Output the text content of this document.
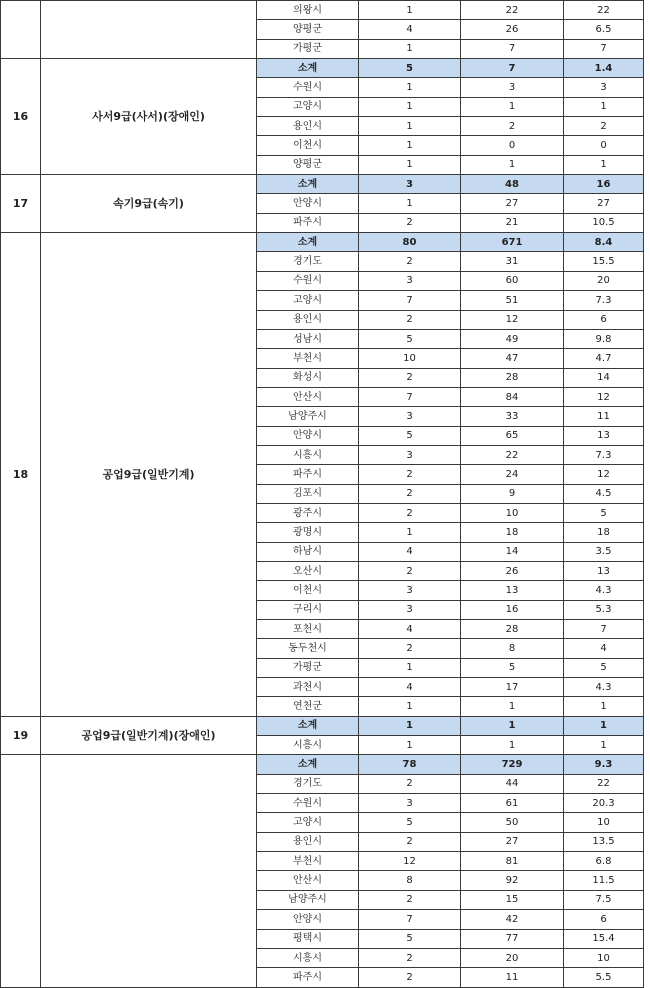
		의왕시	1	22	22
		양평군	4	26	6.5
		가평군	1	7	7
16	사서9급(사서)(장애인)	소계	5	7	1.4
		수원시	1	3	3
		고양시	1	1	1
		용인시	1	2	2
		이천시	1	0	0
		양평군	1	1	1
17	속기9급(속기)	소계	3	48	16
		안양시	1	27	27
		파주시	2	21	10.5
18	공업9급(일반기계)	소계	80	671	8.4
		경기도	2	31	15.5
		수원시	3	60	20
		고양시	7	51	7.3
		용인시	2	12	6
		성남시	5	49	9.8
		부천시	10	47	4.7
		화성시	2	28	14
		안산시	7	84	12
		남양주시	3	33	11
		안양시	5	65	13
		시흥시	3	22	7.3
		파주시	2	24	12
		김포시	2	9	4.5
		광주시	2	10	5
		광명시	1	18	18
		하남시	4	14	3.5
		오산시	2	26	13
		이천시	3	13	4.3
		구리시	3	16	5.3
		포천시	4	28	7
		동두천시	2	8	4
		가평군	1	5	5
		과천시	4	17	4.3
		연천군	1	1	1
19	공업9급(일반기계)(장애인)	소계	1	1	1
		시흥시	1	1	1
		소계	78	729	9.3
		경기도	2	44	22
		수원시	3	61	20.3
		고양시	5	50	10
		용인시	2	27	13.5
		부천시	12	81	6.8
		안산시	8	92	11.5
		남양주시	2	15	7.5
		안양시	7	42	6
		평택시	5	77	15.4
		시흥시	2	20	10
		파주시	2	11	5.5
